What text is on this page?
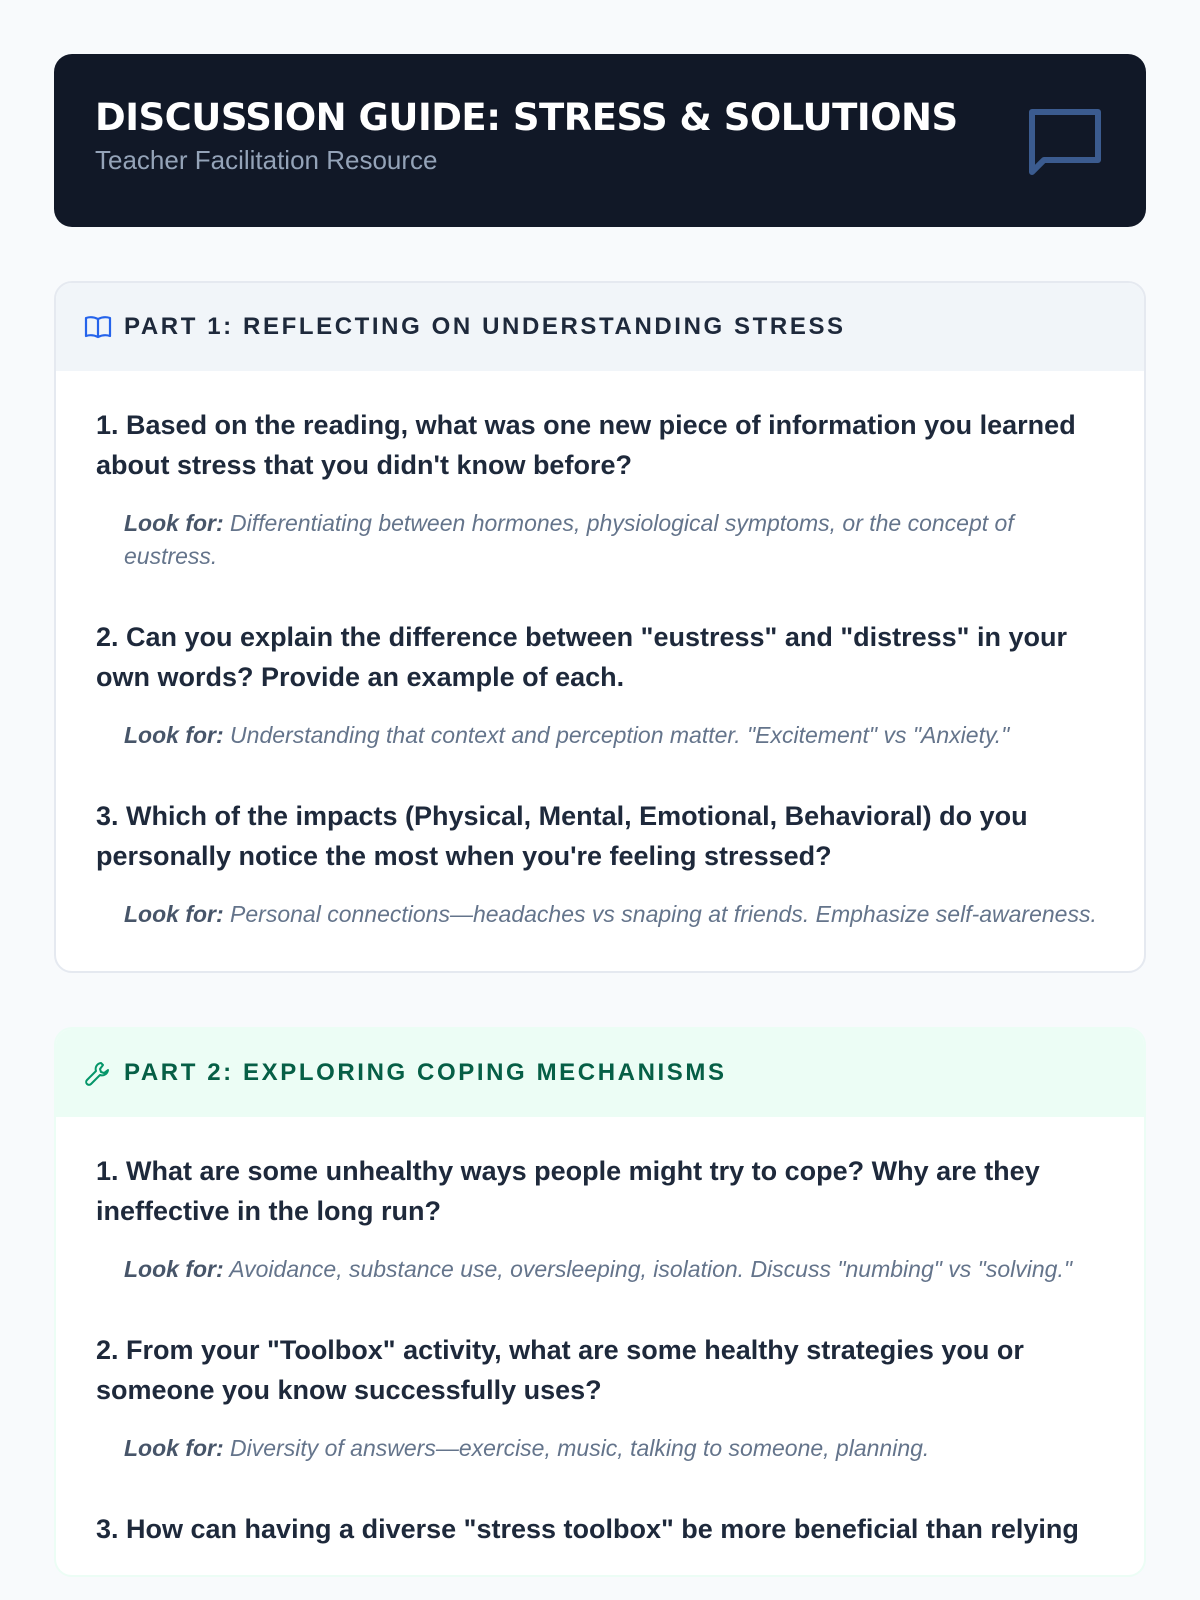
DISCUSSION GUIDE: STRESS & SOLUTIONS
Teacher Facilitation Resource
PART 1: REFLECTING ON UNDERSTANDING STRESS
1. Based on the reading, what was one new piece of information you learned about stress that you didn't know before?
Look for: Differentiating between hormones, physiological symptoms, or the concept of eustress.
2. Can you explain the difference between "eustress" and "distress" in your own words? Provide an example of each.
Look for: Understanding that context and perception matter. "Excitement" vs "Anxiety."
3. Which of the impacts (Physical, Mental, Emotional, Behavioral) do you personally notice the most when you're feeling stressed?
Look for: Personal connections—headaches vs snaping at friends. Emphasize self-awareness.
PART 2: EXPLORING COPING MECHANISMS
1. What are some unhealthy ways people might try to cope? Why are they ineffective in the long run?
Look for: Avoidance, substance use, oversleeping, isolation. Discuss "numbing" vs "solving."
2. From your "Toolbox" activity, what are some healthy strategies you or someone you know successfully uses?
Look for: Diversity of answers—exercise, music, talking to someone, planning.
3. How can having a diverse "stress toolbox" be more beneficial than relying
